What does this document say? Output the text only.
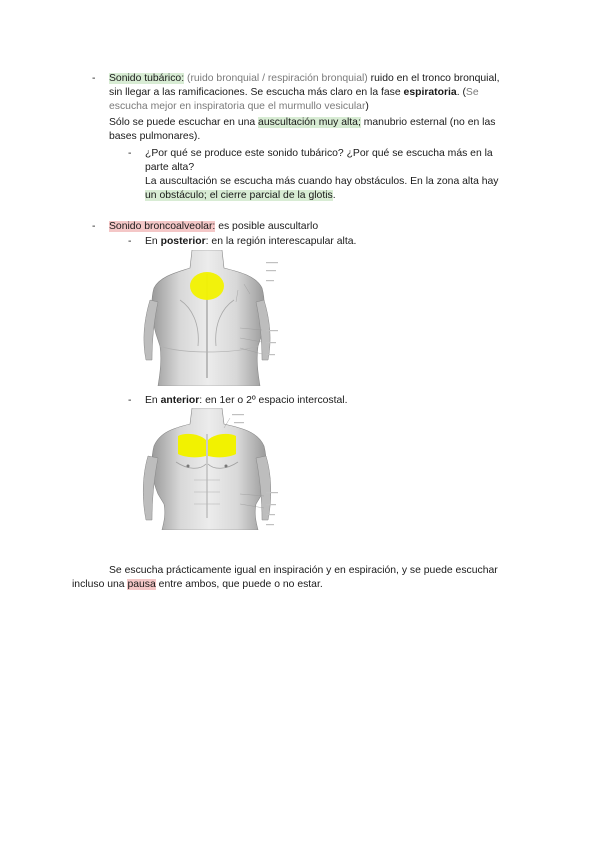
- Sonido tubárico: (ruido bronquial / respiración bronquial) ruido en el tronco bronquial,
sin llegar a las ramificaciones. Se escucha más claro en la fase espiratoria. (Se
escucha mejor en inspiratoria que el murmullo vesicular)
Sólo se puede escuchar en una auscultación muy alta; manubrio esternal (no en las
bases pulmonares).
- ¿Por qué se produce este sonido tubárico? ¿Por qué se escucha más en la
parte alta?
La auscultación se escucha más cuando hay obstáculos. En la zona alta hay
un obstáculo; el cierre parcial de la glotis.
- Sonido broncoalveolar: es posible auscultarlo
- En posterior: en la región interescapular alta.
- En anterior: en 1er o 2º espacio intercostal.
Se escucha prácticamente igual en inspiración y en espiración, y se puede escuchar
incluso una pausa entre ambos, que puede o no estar.
